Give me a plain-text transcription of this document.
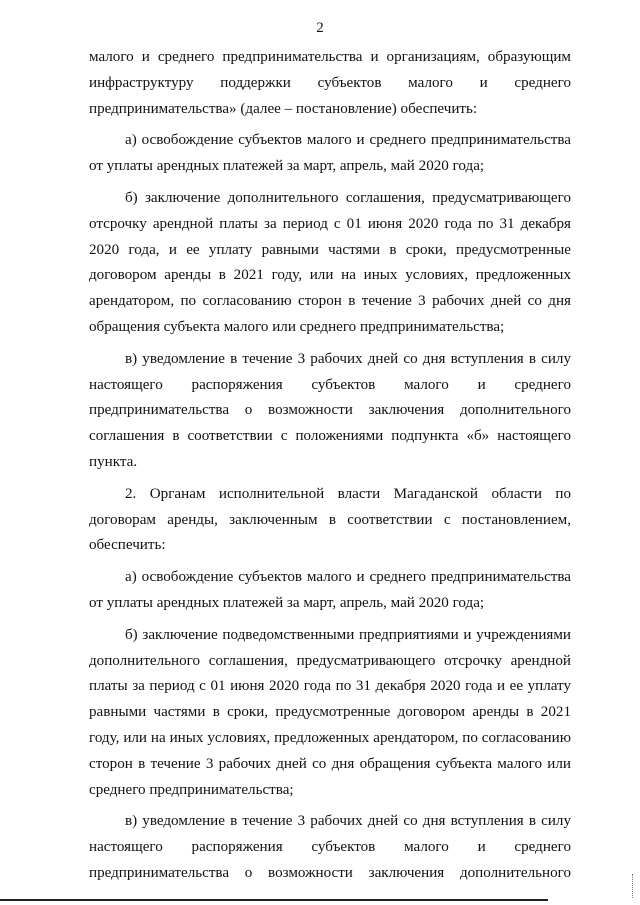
2

малого и среднего предпринимательства и организациям, образующим инфраструктуру поддержки субъектов малого и среднего предпринимательства» (далее – постановление) обеспечить:

а) освобождение субъектов малого и среднего предпринимательства от уплаты арендных платежей за март, апрель, май 2020 года;

б) заключение дополнительного соглашения, предусматривающего отсрочку арендной платы за период с 01 июня 2020 года по 31 декабря 2020 года, и ее уплату равными частями в сроки, предусмотренные договором аренды в 2021 году, или на иных условиях, предложенных арендатором, по согласованию сторон в течение 3 рабочих дней со дня обращения субъекта малого или среднего предпринимательства;

в) уведомление в течение 3 рабочих дней со дня вступления в силу настоящего распоряжения субъектов малого и среднего предпринимательства о возможности заключения дополнительного соглашения в соответствии с положениями подпункта «б» настоящего пункта.

2. Органам исполнительной власти Магаданской области по договорам аренды, заключенным в соответствии с постановлением, обеспечить:

а) освобождение субъектов малого и среднего предпринимательства от уплаты арендных платежей за март, апрель, май 2020 года;

б) заключение подведомственными предприятиями и учреждениями дополнительного соглашения, предусматривающего отсрочку арендной платы за период с 01 июня 2020 года по 31 декабря 2020 года и ее уплату равными частями в сроки, предусмотренные договором аренды в 2021 году, или на иных условиях, предложенных арендатором, по согласованию сторон в течение 3 рабочих дней со дня обращения субъекта малого или среднего предпринимательства;

в) уведомление в течение 3 рабочих дней со дня вступления в силу настоящего распоряжения субъектов малого и среднего предпринимательства о возможности заключения дополнительного
